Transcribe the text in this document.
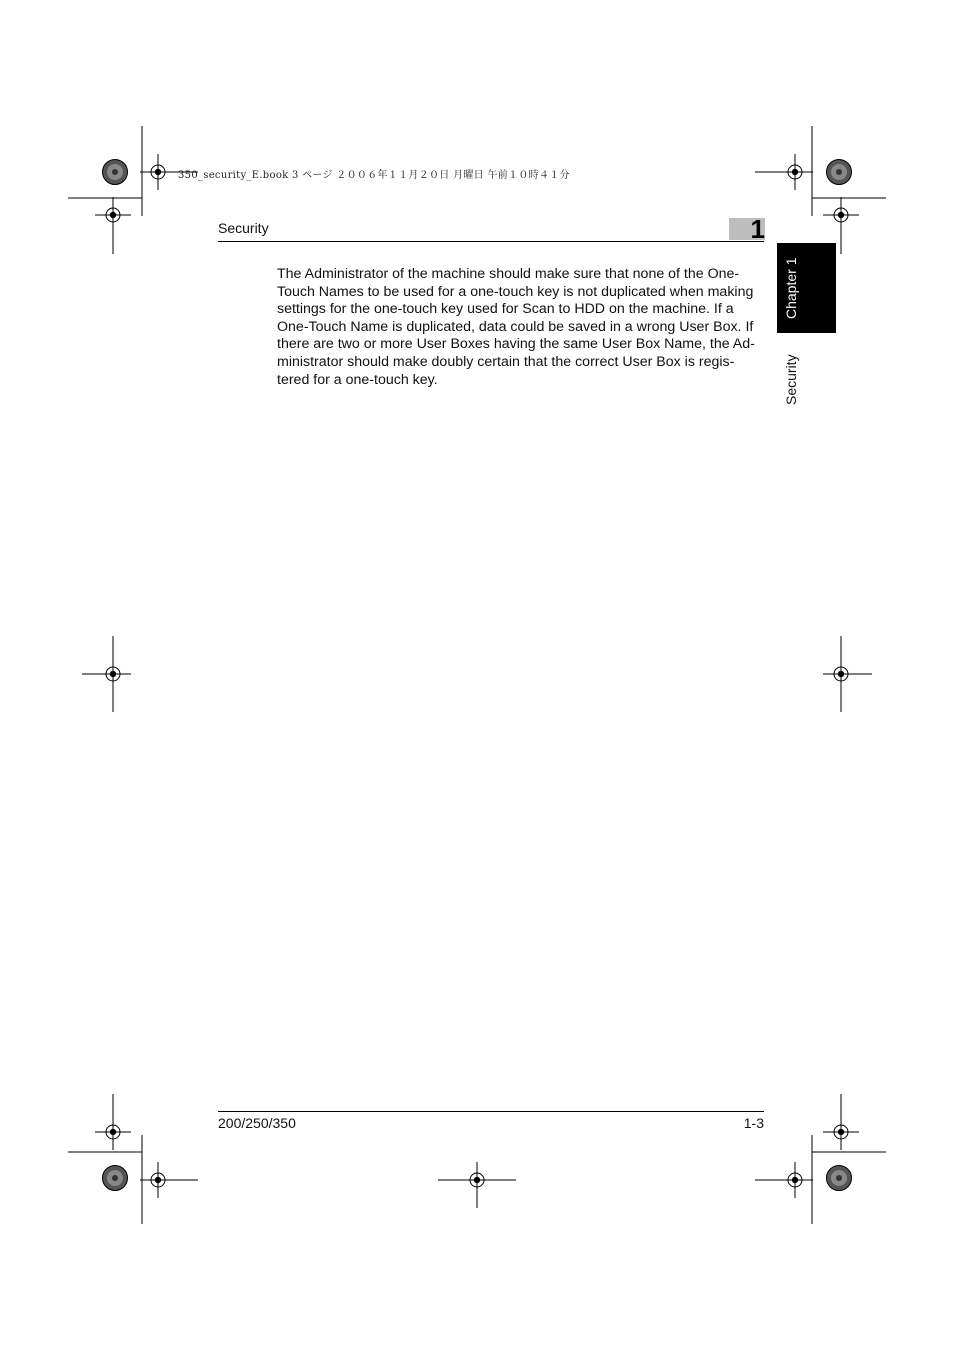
350_security_E.book 3 ページ ２００６年１１月２０日 月曜日 午前１０時４１分
Security	1
Chapter 1
Security
The Administrator of the machine should make sure that none of the One-
Touch Names to be used for a one-touch key is not duplicated when making
settings for the one-touch key used for Scan to HDD on the machine. If a
One-Touch Name is duplicated, data could be saved in a wrong User Box. If
there are two or more User Boxes having the same User Box Name, the Ad-
ministrator should make doubly certain that the correct User Box is regis-
tered for a one-touch key.
200/250/350	1-3
